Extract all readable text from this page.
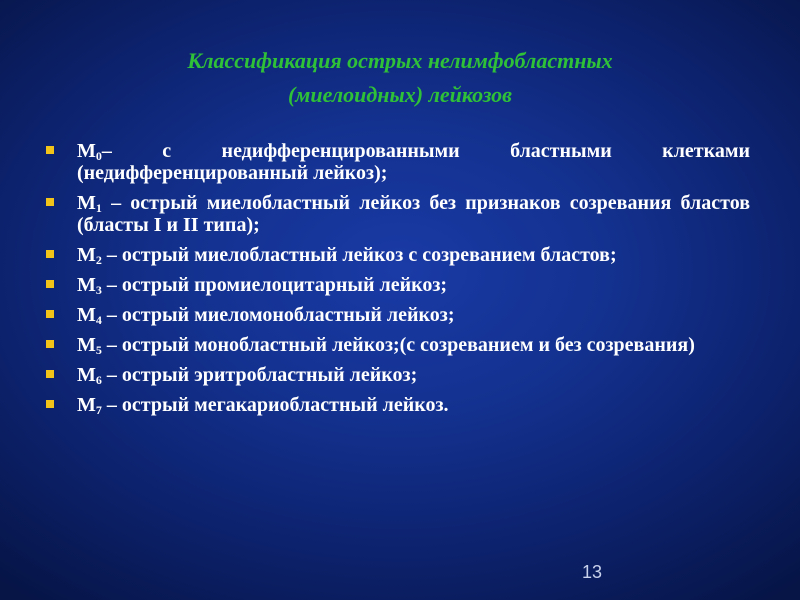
Классификация острых нелимфобластных
(миелоидных) лейкозов
$M_0-$ с недифференцированными бластными клетками (недифференцированный лейкоз);
$M_1$ – острый миелобластный лейкоз без признаков созревания бластов (бласты I и II типа);
$M_2$ – острый миелобластный лейкоз с созреванием бластов;
$M_3$ – острый промиелоцитарный лейкоз;
$M_4$ – острый миеломонобластный лейкоз;
$M_5$ – острый монобластный лейкоз;(с созреванием и без созревания)
$M_6$ – острый эритробластный лейкоз;
$M_7$ – острый мегакариобластный лейкоз.
13
